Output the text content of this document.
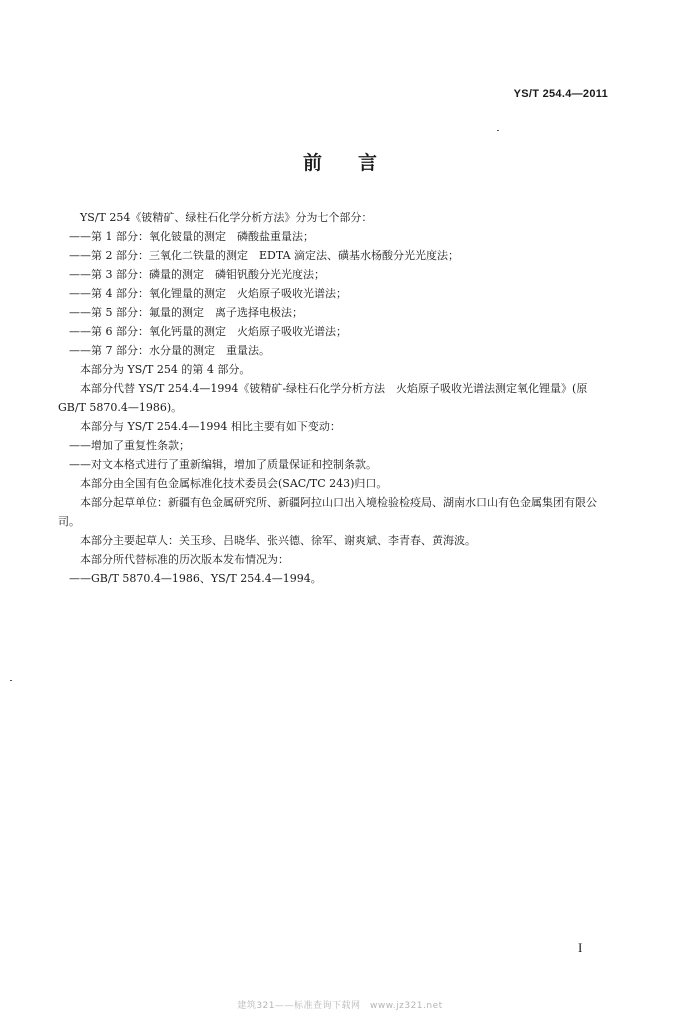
YS/T 254.4—2011
前言
YS/T 254《铍精矿、绿柱石化学分析方法》分为七个部分：
——第 1 部分：氧化铍量的测定　磷酸盐重量法；
——第 2 部分：三氧化二铁量的测定　EDTA 滴定法、磺基水杨酸分光光度法；
——第 3 部分：磷量的测定　磷钼钒酸分光光度法；
——第 4 部分：氧化锂量的测定　火焰原子吸收光谱法；
——第 5 部分：氟量的测定　离子选择电极法；
——第 6 部分：氧化钙量的测定　火焰原子吸收光谱法；
——第 7 部分：水分量的测定　重量法。
本部分为 YS/T 254 的第 4 部分。
本部分代替 YS/T 254.4—1994《铍精矿-绿柱石化学分析方法　火焰原子吸收光谱法测定氧化锂量》(原 GB/T 5870.4—1986)。
本部分与 YS/T 254.4—1994 相比主要有如下变动：
——增加了重复性条款；
——对文本格式进行了重新编辑，增加了质量保证和控制条款。
本部分由全国有色金属标准化技术委员会(SAC/TC 243)归口。
本部分起草单位：新疆有色金属研究所、新疆阿拉山口出入境检验检疫局、湖南水口山有色金属集团有限公司。
本部分主要起草人：关玉珍、吕晓华、张兴德、徐军、谢爽斌、李青春、黄海波。
本部分所代替标准的历次版本发布情况为：
——GB/T 5870.4—1986、YS/T 254.4—1994。
I
建筑321——标准查询下载网　www.jz321.net
